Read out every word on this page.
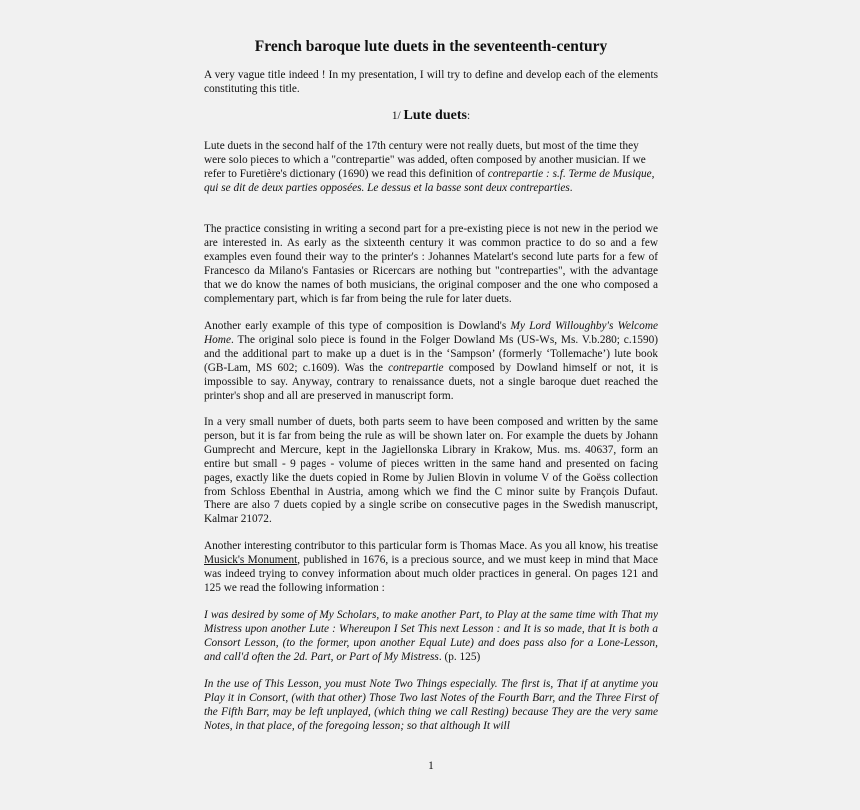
French baroque lute duets in the seventeenth-century

A very vague title indeed ! In my presentation, I will try to define and develop each of the elements constituting this title.

1/ Lute duets:

Lute duets in the second half of the 17th century were not really duets, but most of the time they were solo pieces to which a "contrepartie" was added, often composed by another musician. If we refer to Furetière's dictionary (1690) we read this definition of contrepartie : s.f. Terme de Musique, qui se dit de deux parties opposées. Le dessus et la basse sont deux contreparties.

The practice consisting in writing a second part for a pre-existing piece is not new in the period we are interested in. As early as the sixteenth century it was common practice to do so and a few examples even found their way to the printer's : Johannes Matelart's second lute parts for a few of Francesco da Milano's Fantasies or Ricercars are nothing but "contreparties", with the advantage that we do know the names of both musicians, the original composer and the one who composed a complementary part, which is far from being the rule for later duets.

Another early example of this type of composition is Dowland's My Lord Willoughby's Welcome Home. The original solo piece is found in the Folger Dowland Ms (US-Ws, Ms. V.b.280; c.1590) and the additional part to make up a duet is in the ‘Sampson’ (formerly ‘Tollemache’) lute book (GB-Lam, MS 602; c.1609). Was the contrepartie composed by Dowland himself or not, it is impossible to say. Anyway, contrary to renaissance duets, not a single baroque duet reached the printer's shop and all are preserved in manuscript form.

In a very small number of duets, both parts seem to have been composed and written by the same person, but it is far from being the rule as will be shown later on. For example the duets by Johann Gumprecht and Mercure, kept in the Jagiellonska Library in Krakow, Mus. ms. 40637, form an entire but small - 9 pages - volume of pieces written in the same hand and presented on facing pages, exactly like the duets copied in Rome by Julien Blovin in volume V of the Goëss collection from Schloss Ebenthal in Austria, among which we find the C minor suite by François Dufaut. There are also 7 duets copied by a single scribe on consecutive pages in the Swedish manuscript, Kalmar 21072.

Another interesting contributor to this particular form is Thomas Mace. As you all know, his treatise Musick's Monument, published in 1676, is a precious source, and we must keep in mind that Mace was indeed trying to convey information about much older practices in general. On pages 121 and 125 we read the following information :

I was desired by some of My Scholars, to make another Part, to Play at the same time with That my Mistress upon another Lute : Whereupon I Set This next Lesson : and It is so made, that It is both a Consort Lesson, (to the former, upon another Equal Lute) and does pass also for a Lone-Lesson, and call'd often the 2d. Part, or Part of My Mistress. (p. 125)

In the use of This Lesson, you must Note Two Things especially. The first is, That if at anytime you Play it in Consort, (with that other) Those Two last Notes of the Fourth Barr, and the Three First of the Fifth Barr, may be left unplayed, (which thing we call Resting) because They are the very same Notes, in that place, of the foregoing lesson; so that although It will

1
